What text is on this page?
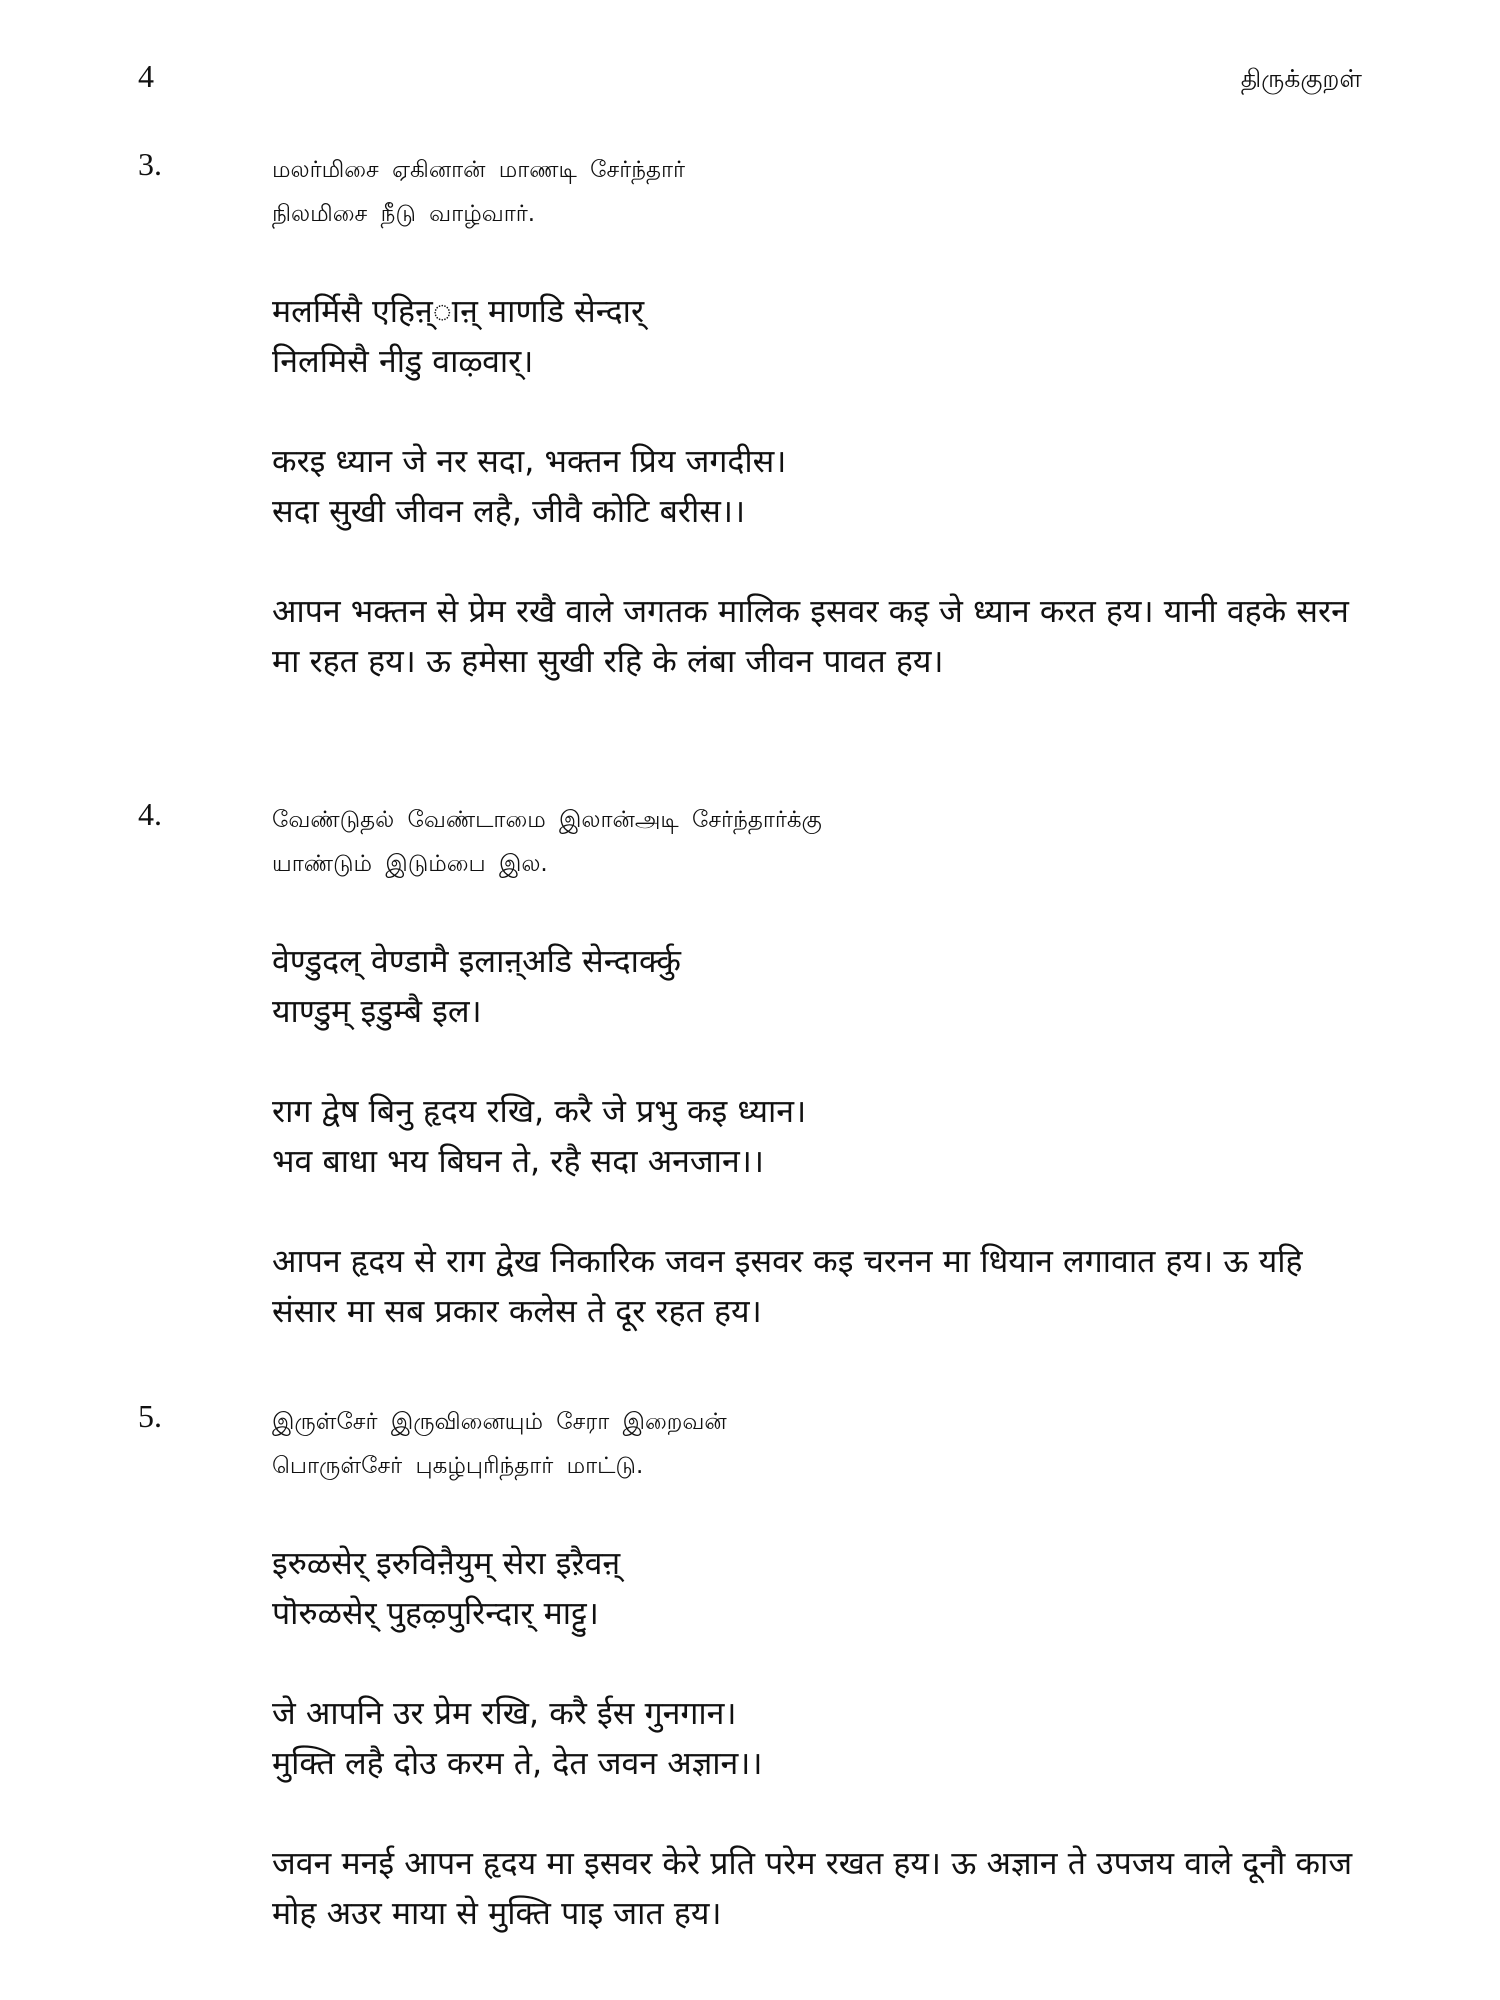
4	திருக்குறள்
3.	மலர்மிசை ஏகினான் மாணடி சேர்ந்தார்
நிலமிசை நீடு வாழ்வார்.
मलर्मिसै एहिऩ्ाऩ् माणडि सेन्दार्
निलमिसै नीडु वाऴ्वार्।
करइ ध्यान जे नर सदा, भक्तन प्रिय जगदीस।
सदा सुखी जीवन लहै, जीवै कोटि बरीस।।
आपन भक्तन से प्रेम रखै वाले जगतक मालिक इसवर कइ जे ध्यान करत हय। यानी वहके सरन मा रहत हय। ऊ हमेसा सुखी रहि के लंबा जीवन पावत हय।
4.	வேண்டுதல் வேண்டாமை இலான்அடி சேர்ந்தார்க்கு
யாண்டும் இடும்பை இல.
वेण्डुदल् वेण्डामै इलाऩ्अडि सेन्दार्क्कु
याण्डुम् इडुम्बै इल।
राग द्वेष बिनु हृदय रखि, करै जे प्रभु कइ ध्यान।
भव बाधा भय बिघन ते, रहै सदा अनजान।।
आपन हृदय से राग द्वेख निकारिक जवन इसवर कइ चरनन मा धियान लगावात हय। ऊ यहि संसार मा सब प्रकार कलेस ते दूर रहत हय।
5.	இருள்சேர் இருவினையும் சேரா இறைவன்
பொருள்சேர் புகழ்புரிந்தார் மாட்டு.
इरुळसेर् इरुविऩैयुम् सेरा इऱैवऩ्
पॊरुळसेर् पुहऴ्पुरिन्दार् माट्टु।
जे आपनि उर प्रेम रखि, करै ईस गुनगान।
मुक्ति लहै दोउ करम ते, देत जवन अज्ञान।।
जवन मनई आपन हृदय मा इसवर केरे प्रति परेम रखत हय। ऊ अज्ञान ते उपजय वाले दूनौ काज मोह अउर माया से मुक्ति पाइ जात हय।
